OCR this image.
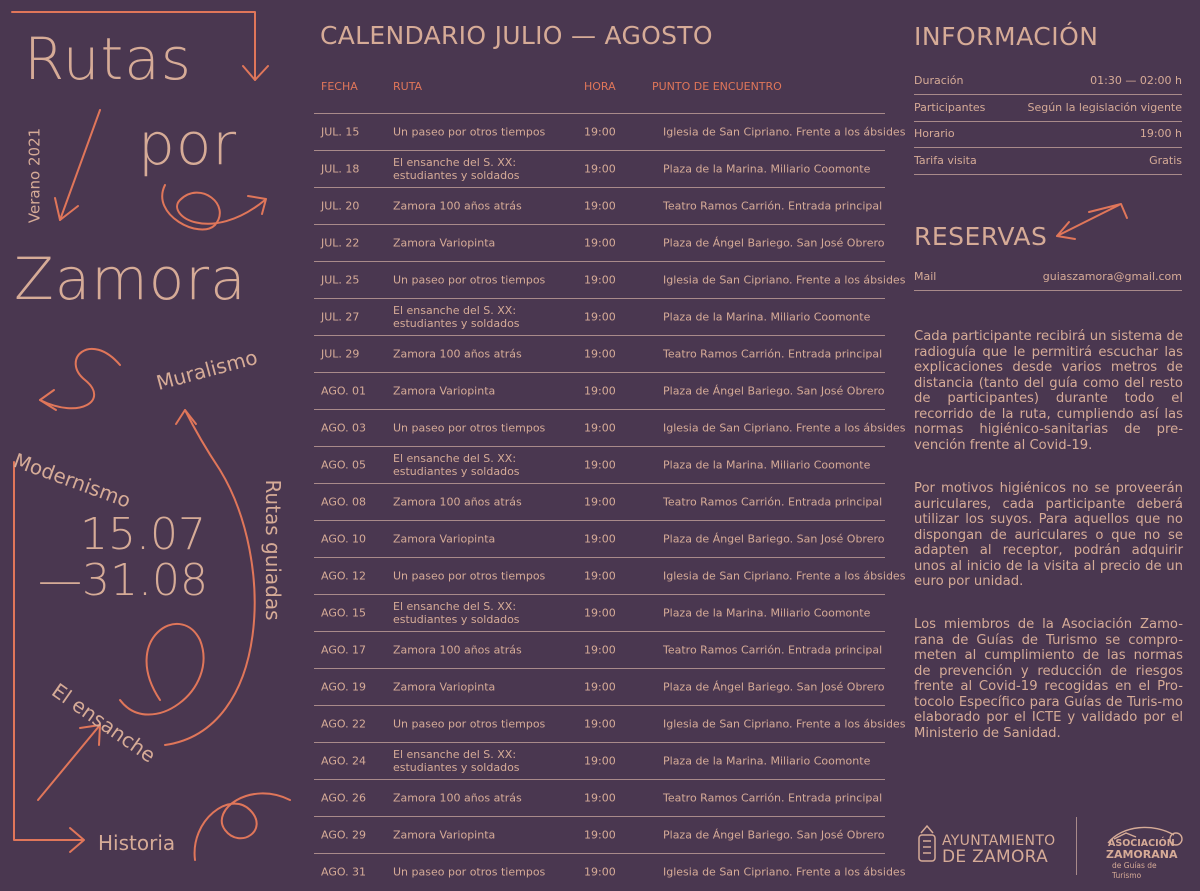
Rutas

por

Zamora

Verano 2021

Muralismo

Modernismo	Rutas guiadas

El ensanche

Historia

15.07
—31.08
CALENDARIO JULIO — AGOSTO
FECHA	RUTA	HORA	PUNTO DE ENCUENTRO
JUL. 15	Un paseo por otros tiempos	19:00	Iglesia de San Cipriano. Frente a los ábsides
JUL. 18	El ensanche del S. XX:
estudiantes y soldados	19:00	Plaza de la Marina. Miliario Coomonte
JUL. 20	Zamora 100 años atrás	19:00	Teatro Ramos Carrión. Entrada principal
JUL. 22	Zamora Variopinta	19:00	Plaza de Ángel Bariego. San José Obrero
JUL. 25	Un paseo por otros tiempos	19:00	Iglesia de San Cipriano. Frente a los ábsides
JUL. 27	El ensanche del S. XX:
estudiantes y soldados	19:00	Plaza de la Marina. Miliario Coomonte
JUL. 29	Zamora 100 años atrás	19:00	Teatro Ramos Carrión. Entrada principal
AGO. 01 Zamora Variopinta	19:00	Plaza de Ángel Bariego. San José Obrero
AGO. 03 Un paseo por otros tiempos	19:00	Iglesia de San Cipriano. Frente a los ábsides
AGO. 05 El ensanche del S. XX:
estudiantes y soldados	19:00	Plaza de la Marina. Miliario Coomonte
AGO. 08 Zamora 100 años atrás	19:00	Teatro Ramos Carrión. Entrada principal
AGO. 10 Zamora Variopinta	19:00	Plaza de Ángel Bariego. San José Obrero
AGO. 12 Un paseo por otros tiempos	19:00	Iglesia de San Cipriano. Frente a los ábsides
AGO. 15 El ensanche del S. XX:
estudiantes y soldados	19:00	Plaza de la Marina. Miliario Coomonte
AGO. 17 Zamora 100 años atrás	19:00	Teatro Ramos Carrión. Entrada principal
AGO. 19 Zamora Variopinta	19:00	Plaza de Ángel Bariego. San José Obrero
AGO. 22 Un paseo por otros tiempos	19:00	Iglesia de San Cipriano. Frente a los ábsides
AGO. 24 El ensanche del S. XX:
estudiantes y soldados	19:00	Plaza de la Marina. Miliario Coomonte
AGO. 26 Zamora 100 años atrás	19:00	Teatro Ramos Carrión. Entrada principal
AGO. 29 Zamora Variopinta	19:00	Plaza de Ángel Bariego. San José Obrero
AGO. 31 Un paseo por otros tiempos	19:00	Iglesia de San Cipriano. Frente a los ábsides
INFORMACIÓN
Duración	01:30 — 02:00 h
Participantes	Según la legislación vigente
Horario	19:00 h
Tarifa visita	Gratis
RESERVAS
Mail	guiaszamora@gmail.com

Cada participante recibirá un sistema de radioguía que le permitirá escuchar las explicaciones desde varios metros de distancia (tanto del guía como del resto de participantes) durante todo el recorrido de la ruta, cumpliendo así las normas higiénico-sanitarias de pre-vención frente al Covid-19.

Por motivos higiénicos no se proveerán auriculares, cada participante deberá utilizar los suyos. Para aquellos que no dispongan de auriculares o que no se adapten al receptor, podrán adquirir unos al inicio de la visita al precio de un euro por unidad.

Los miembros de la Asociación Zamo-rana de Guías de Turismo se compro-meten al cumplimiento de las normas de prevención y reducción de riesgos frente al Covid-19 recogidas en el Pro-tocolo Específico para Guías de Turis-mo elaborado por el ICTE y validado por el Ministerio de Sanidad.

AYUNTAMIENTO
DE ZAMORA
ASOCIACIÓN
ZAMORANA
de Guías de Turismo
